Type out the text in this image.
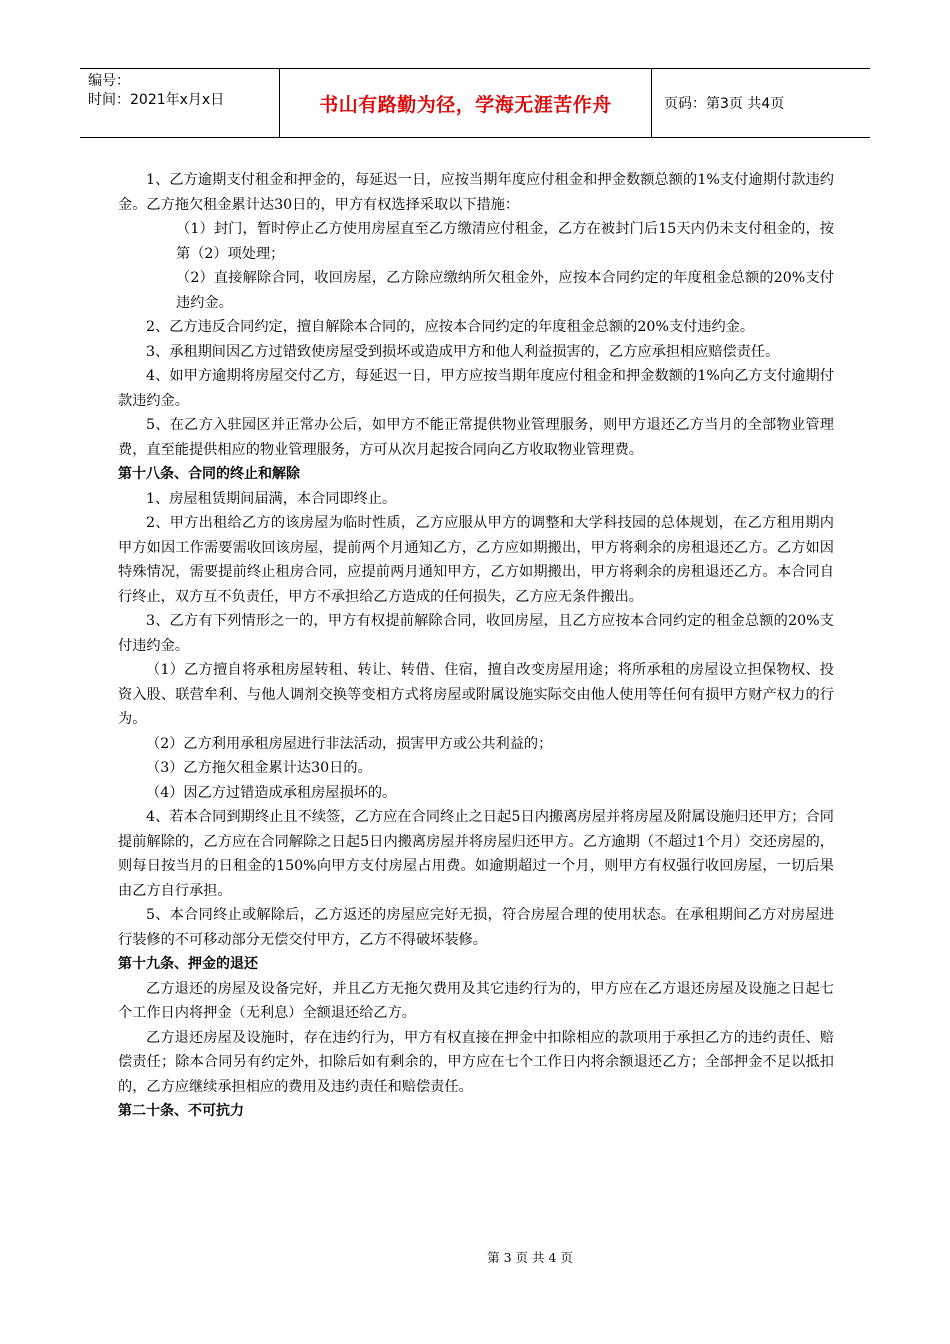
编号：
时间：2021年x月x日	书山有路勤为径，学海无涯苦作舟	页码：第3页 共4页

1、乙方逾期支付租金和押金的，每延迟一日，应按当期年度应付租金和押金数额总额的1%支付逾期付款违约金。乙方拖欠租金累计达30日的，甲方有权选择采取以下措施：

（1）封门，暂时停止乙方使用房屋直至乙方缴清应付租金，乙方在被封门后15天内仍未支付租金的，按第（2）项处理；

（2）直接解除合同，收回房屋，乙方除应缴纳所欠租金外，应按本合同约定的年度租金总额的20%支付违约金。

2、乙方违反合同约定，擅自解除本合同的，应按本合同约定的年度租金总额的20%支付违约金。

3、承租期间因乙方过错致使房屋受到损坏或造成甲方和他人利益损害的，乙方应承担相应赔偿责任。

4、如甲方逾期将房屋交付乙方，每延迟一日，甲方应按当期年度应付租金和押金数额的1%向乙方支付逾期付款违约金。

5、在乙方入驻园区并正常办公后，如甲方不能正常提供物业管理服务，则甲方退还乙方当月的全部物业管理费，直至能提供相应的物业管理服务，方可从次月起按合同向乙方收取物业管理费。

第十八条、合同的终止和解除

1、房屋租赁期间届满，本合同即终止。

2、甲方出租给乙方的该房屋为临时性质，乙方应服从甲方的调整和大学科技园的总体规划，在乙方租用期内甲方如因工作需要需收回该房屋，提前两个月通知乙方，乙方应如期搬出，甲方将剩余的房租退还乙方。乙方如因特殊情况，需要提前终止租房合同，应提前两月通知甲方，乙方如期搬出，甲方将剩余的房租退还乙方。本合同自行终止，双方互不负责任，甲方不承担给乙方造成的任何损失，乙方应无条件搬出。

3、乙方有下列情形之一的，甲方有权提前解除合同，收回房屋，且乙方应按本合同约定的租金总额的20%支付违约金。

（1）乙方擅自将承租房屋转租、转让、转借、住宿，擅自改变房屋用途；将所承租的房屋设立担保物权、投资入股、联营牟利、与他人调剂交换等变相方式将房屋或附属设施实际交由他人使用等任何有损甲方财产权力的行为。

（2）乙方利用承租房屋进行非法活动，损害甲方或公共利益的；

（3）乙方拖欠租金累计达30日的。

（4）因乙方过错造成承租房屋损坏的。

4、若本合同到期终止且不续签，乙方应在合同终止之日起5日内搬离房屋并将房屋及附属设施归还甲方；合同提前解除的，乙方应在合同解除之日起5日内搬离房屋并将房屋归还甲方。乙方逾期（不超过1个月）交还房屋的，则每日按当月的日租金的150%向甲方支付房屋占用费。如逾期超过一个月，则甲方有权强行收回房屋，一切后果由乙方自行承担。

5、本合同终止或解除后，乙方返还的房屋应完好无损，符合房屋合理的使用状态。在承租期间乙方对房屋进行装修的不可移动部分无偿交付甲方，乙方不得破坏装修。

第十九条、押金的退还

乙方退还的房屋及设备完好，并且乙方无拖欠费用及其它违约行为的，甲方应在乙方退还房屋及设施之日起七个工作日内将押金（无利息）全额退还给乙方。

乙方退还房屋及设施时，存在违约行为，甲方有权直接在押金中扣除相应的款项用于承担乙方的违约责任、赔偿责任；除本合同另有约定外，扣除后如有剩余的，甲方应在七个工作日内将余额退还乙方；全部押金不足以抵扣的，乙方应继续承担相应的费用及违约责任和赔偿责任。

第二十条、不可抗力

第 3 页 共 4 页
